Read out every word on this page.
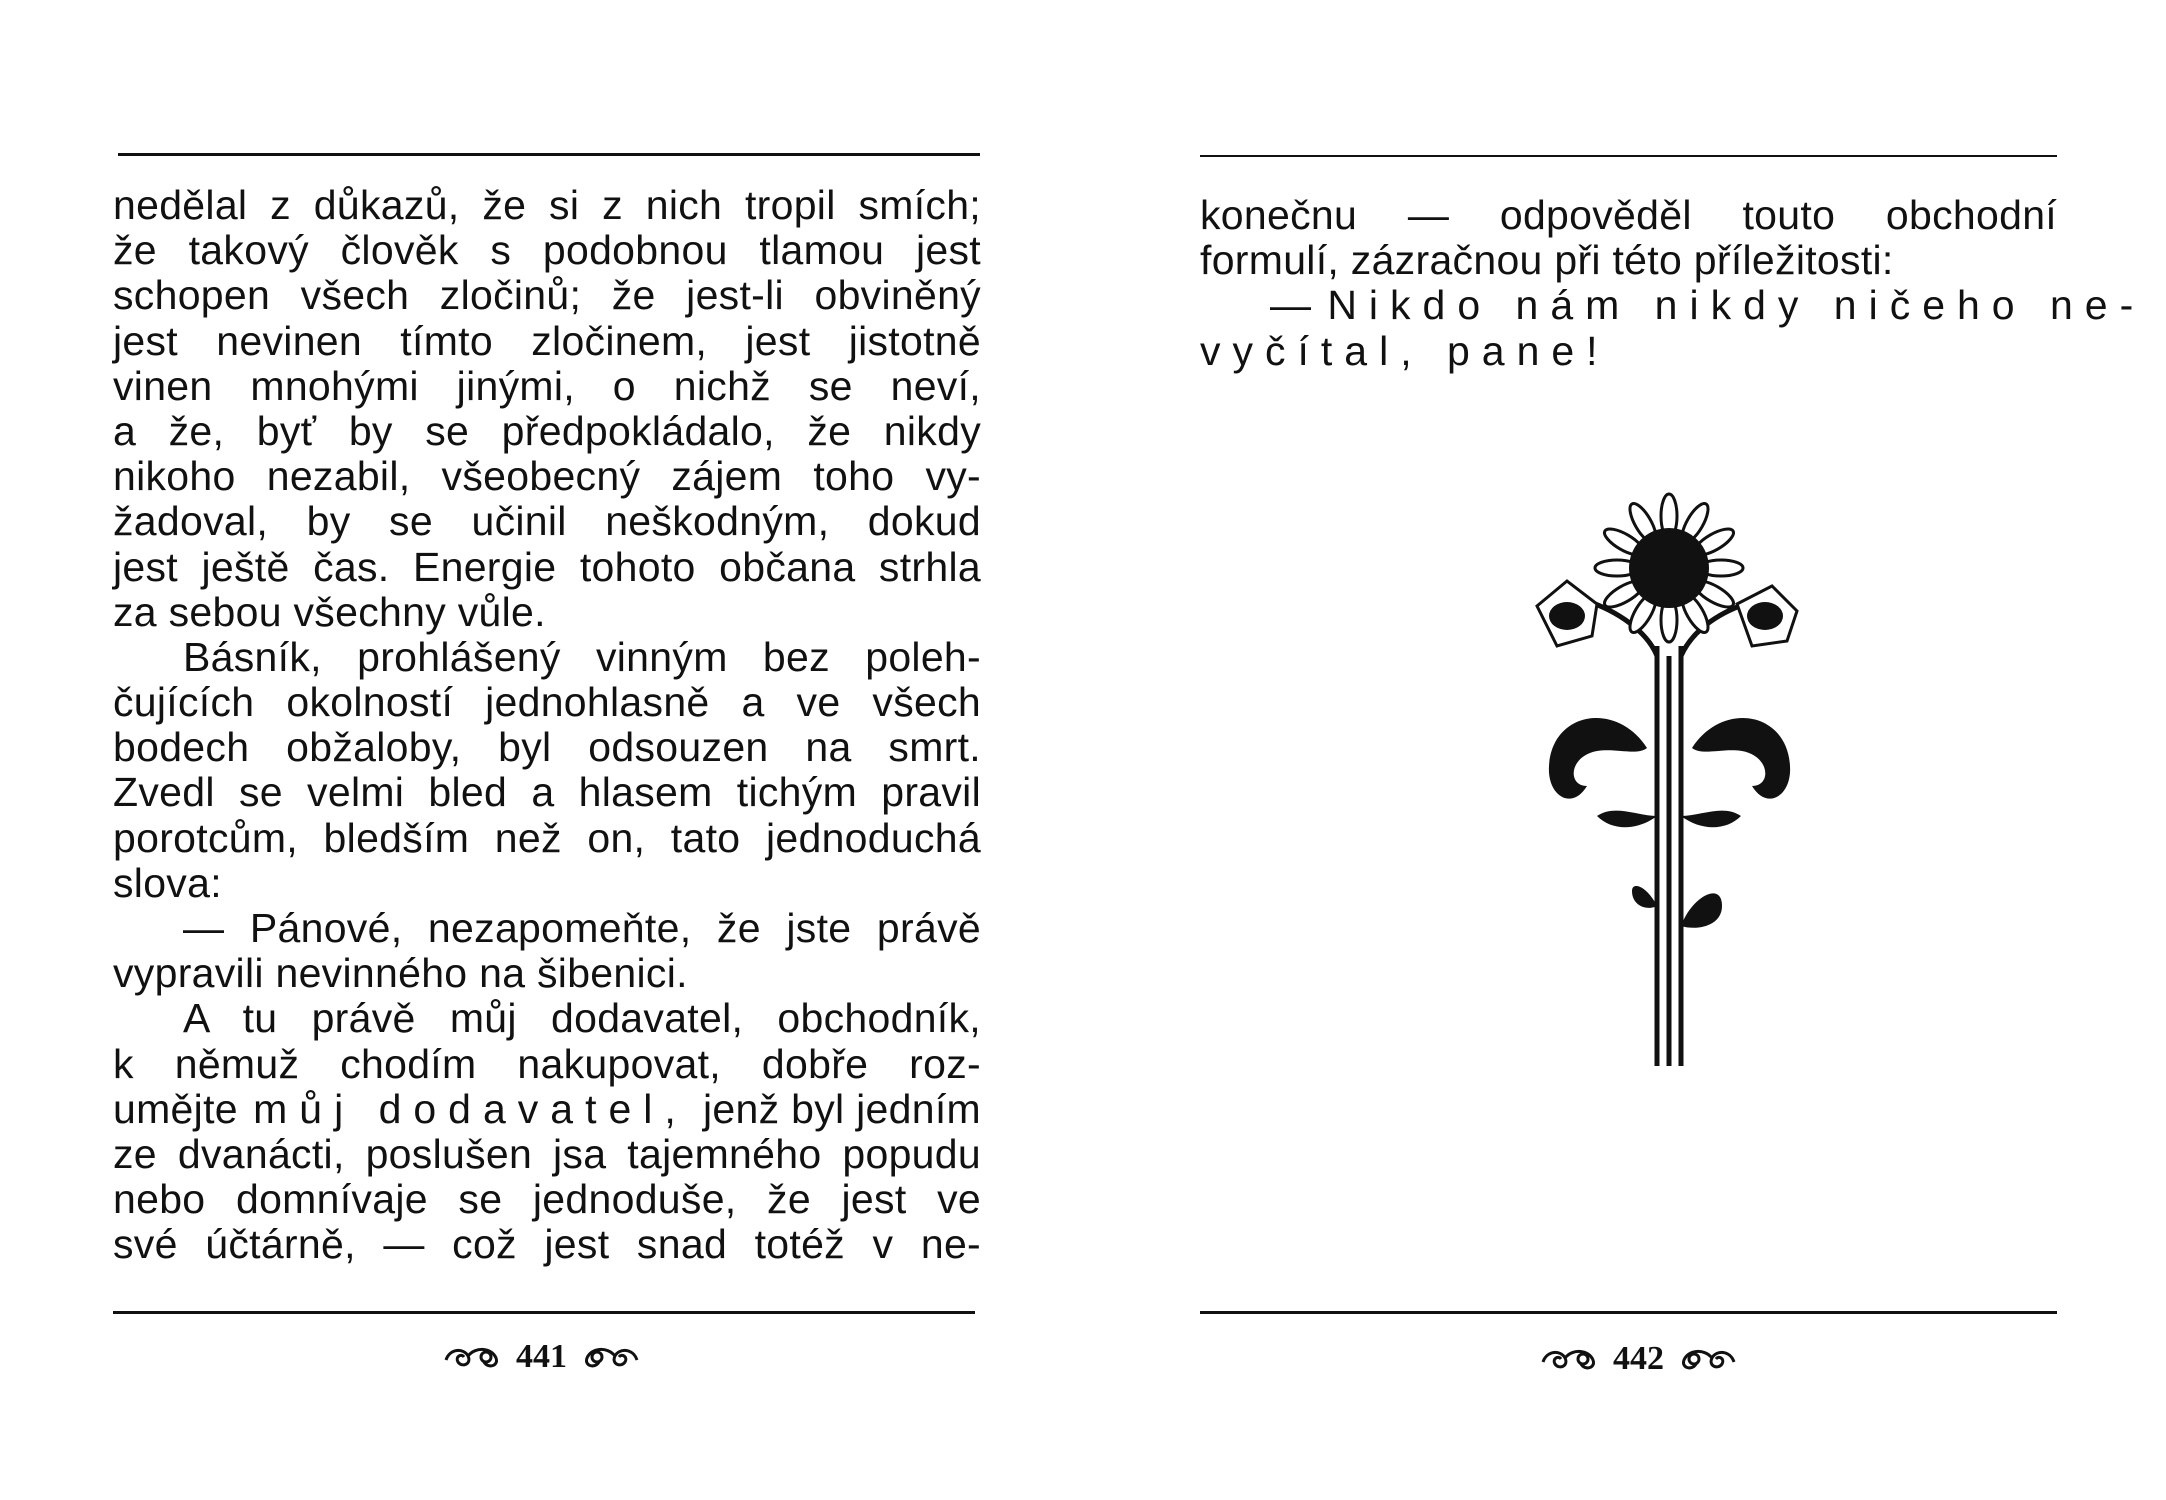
nedělal z důkazů, že si z nich tropil smích;
že takový člověk s podobnou tlamou jest
schopen všech zločinů; že jest-li obviněný
jest nevinen tímto zločinem, jest jistotně
vinen mnohými jinými, o nichž se neví,
a že, byť by se předpokládalo, že nikdy
nikoho nezabil, všeobecný zájem toho vy-
žadoval, by se učinil neškodným, dokud
jest ještě čas. Energie tohoto občana strhla
za sebou všechny vůle.
Básník, prohlášený vinným bez poleh-
čujících okolností jednohlasně a ve všech
bodech obžaloby, byl odsouzen na smrt.
Zvedl se velmi bled a hlasem tichým pravil
porotcům, bledším než on, tato jednoduchá
slova:
— Pánové, nezapomeňte, že jste právě
vypravili nevinného na šibenici.
A tu právě můj dodavatel, obchodník,
k němuž chodím nakupovat, dobře roz-
umějte můj dodavatel, jenž byl jedním
ze dvanácti, poslušen jsa tajemného popudu
nebo domnívaje se jednoduše, že jest ve
své účtárně, — což jest snad totéž v ne-
441
konečnu — odpověděl touto obchodní
formulí, zázračnou při této příležitosti:
— Nikdo nám nikdy ničeho ne-
vyčítal, pane!
442
